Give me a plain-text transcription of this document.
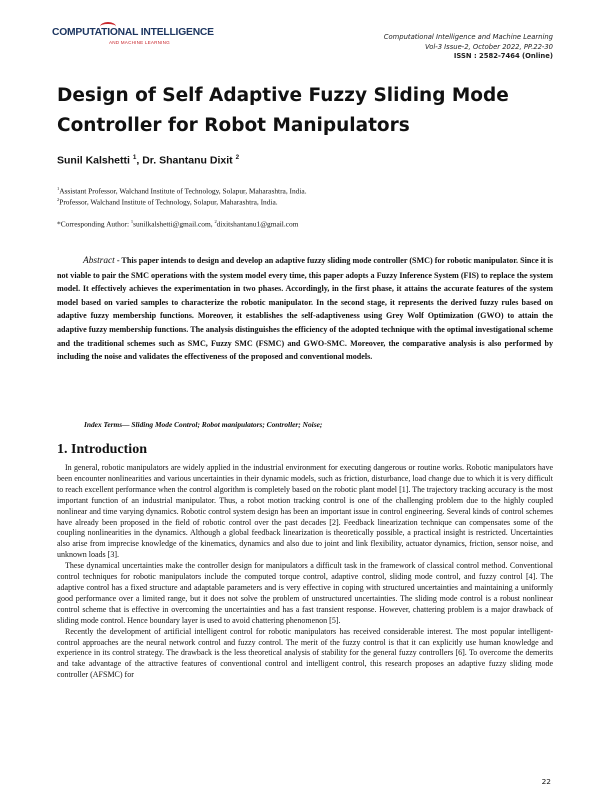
COMPUTATIONAL INTELLIGENCE
AND MACHINE LEARNING
Computational Intelligence and Machine Learning
Vol-3 Issue-2, October 2022, PP.22-30
ISSN : 2582-7464 (Online)
Design of Self Adaptive Fuzzy Sliding Mode
Controller for Robot Manipulators
Sunil Kalshetti $^1$, Dr. Shantanu Dixit $^2$
$^1$Assistant Professor, Walchand Institute of Technology, Solapur, Maharashtra, India.
$^2$Professor, Walchand Institute of Technology, Solapur, Maharashtra, India.
*Corresponding Author: $^1$sunilkalshetti@gmail.com, $^2$dixitshantanu1@gmail.com

Abstract - This paper intends to design and develop an adaptive fuzzy sliding mode controller (SMC) for robotic manipulator. Since it is not viable to pair the SMC operations with the system model every time, this paper adopts a Fuzzy Inference System (FIS) to replace the system model. It effectively achieves the experimentation in two phases. Accordingly, in the first phase, it attains the accurate features of the system model based on varied samples to characterize the robotic manipulator. In the second stage, it represents the derived fuzzy rules based on adaptive fuzzy membership functions. Moreover, it establishes the self-adaptiveness using Grey Wolf Optimization (GWO) to attain the adaptive fuzzy membership functions. The analysis distinguishes the efficiency of the adopted technique with the optimal investigational scheme and the traditional schemes such as SMC, Fuzzy SMC (FSMC) and GWO-SMC. Moreover, the comparative analysis is also performed by including the noise and validates the effectiveness of the proposed and conventional models.

Index Terms— Sliding Mode Control; Robot manipulators; Controller; Noise;
1. Introduction

In general, robotic manipulators are widely applied in the industrial environment for executing dangerous or routine works. Robotic manipulators have been encounter nonlinearities and various uncertainties in their dynamic models, such as friction, disturbance, load change due to which it is very difficult to reach excellent performance when the control algorithm is completely based on the robotic plant model [1]. The trajectory tracking accuracy is the most important function of an industrial manipulator. Thus, a robot motion tracking control is one of the challenging problem due to the highly coupled nonlinear and time varying dynamics. Robotic control system design has been an important issue in control engineering. Several kinds of control schemes have already been proposed in the field of robotic control over the past decades [2]. Feedback linearization technique can compensates some of the coupling nonlinearities in the dynamics. Although a global feedback linearization is theoretically possible, a practical insight is restricted. Uncertainties also arise from imprecise knowledge of the kinematics, dynamics and also due to joint and link flexibility, actuator dynamics, friction, sensor noise, and unknown loads [3].

These dynamical uncertainties make the controller design for manipulators a difficult task in the framework of classical control method. Conventional control techniques for robotic manipulators include the computed torque control, adaptive control, sliding mode control, and fuzzy control [4]. The adaptive control has a fixed structure and adaptable parameters and is very effective in coping with structured uncertainties and maintaining a uniformly good performance over a limited range, but it does not solve the problem of unstructured uncertainties. The sliding mode control is a robust nonlinear control scheme that is effective in overcoming the uncertainties and has a fast transient response. However, chattering problem is a major drawback of sliding mode control. Hence boundary layer is used to avoid chattering phenomenon [5].

Recently the development of artificial intelligent control for robotic manipulators has received considerable interest. The most popular intelligent-control approaches are the neural network control and fuzzy control. The merit of the fuzzy control is that it can explicitly use human knowledge and experience in its control strategy. The drawback is the less theoretical analysis of stability for the general fuzzy controllers [6]. To overcome the demerits and take advantage of the attractive features of conventional control and intelligent control, this research proposes an adaptive fuzzy sliding mode controller (AFSMC) for

22
